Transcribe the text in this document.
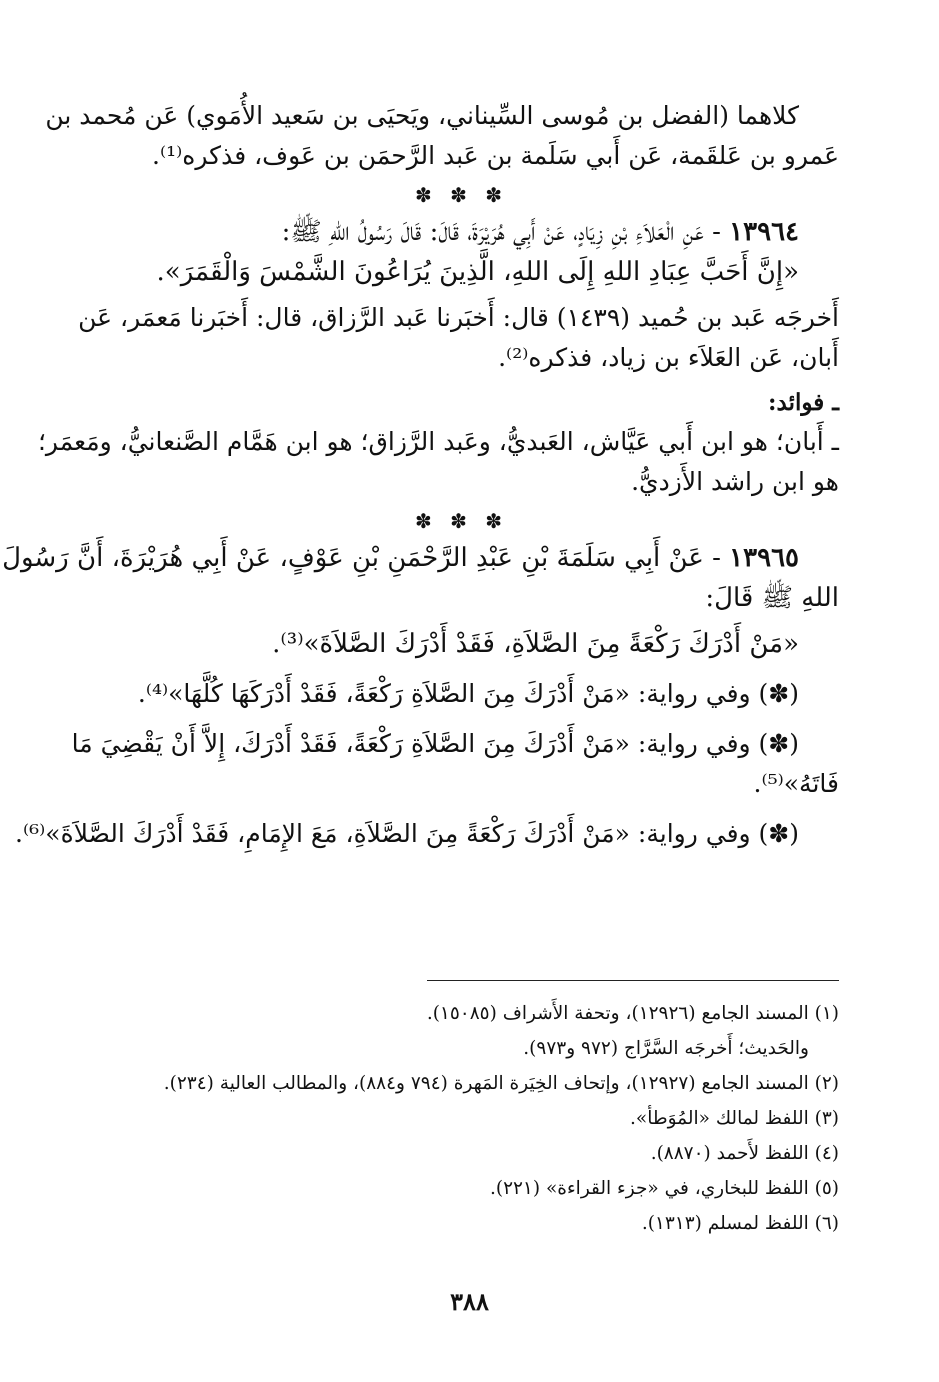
كلاهما (الفضل بن مُوسى السِّيناني، ويَحيَى بن سَعيد الأُمَوي) عَن مُحمد بن
عَمرو بن عَلقَمة، عَن أَبي سَلَمة بن عَبد الرَّحمَن بن عَوف، فذكره⁽¹⁾.
✽ ✽ ✽
١٣٩٦٤ - عَنِ الْعَلاَءِ بْنِ زِيَادٍ، عَنْ أَبِي هُرَيْرَةَ، قَالَ: قَالَ رَسُولُ اللهِ ﷺ:
«إِنَّ أَحَبَّ عِبَادِ اللهِ إِلَى اللهِ، الَّذِينَ يُرَاعُونَ الشَّمْسَ وَالْقَمَرَ».
أَخرجَه عَبد بن حُميد (١٤٣٩) قال: أَخبَرنا عَبد الرَّزاق، قال: أَخبَرنا مَعمَر، عَن
أَبان، عَن العَلاَء بن زياد، فذكره⁽²⁾.
ـ فوائد:
ـ أَبان؛ هو ابن أَبي عَيَّاش، العَبديُّ، وعَبد الرَّزاق؛ هو ابن هَمَّام الصَّنعانيُّ، ومَعمَر؛
هو ابن راشد الأَزديُّ.
✽ ✽ ✽
١٣٩٦٥ - عَنْ أَبِي سَلَمَةَ بْنِ عَبْدِ الرَّحْمَنِ بْنِ عَوْفٍ، عَنْ أَبِي هُرَيْرَةَ، أَنَّ رَسُولَ
اللهِ ﷺ قَالَ:
«مَنْ أَدْرَكَ رَكْعَةً مِنَ الصَّلاَةِ، فَقَدْ أَدْرَكَ الصَّلاَةَ»⁽³⁾.
(✽) وفي رواية: «مَنْ أَدْرَكَ مِنَ الصَّلاَةِ رَكْعَةً، فَقَدْ أَدْرَكَهَا كُلَّهَا»⁽⁴⁾.
(✽) وفي رواية: «مَنْ أَدْرَكَ مِنَ الصَّلاَةِ رَكْعَةً، فَقَدْ أَدْرَكَ، إِلاَّ أَنْ يَقْضِيَ مَا
فَاتَهُ»⁽⁵⁾.
(✽) وفي رواية: «مَنْ أَدْرَكَ رَكْعَةً مِنَ الصَّلاَةِ، مَعَ الإِمَامِ، فَقَدْ أَدْرَكَ الصَّلاَةَ»⁽⁶⁾.
(١) المسند الجامع (١٢٩٢٦)، وتحفة الأَشراف (١٥٠٨٥).
والحَديث؛ أَخرجَه السَّرَّاج (٩٧٢ و٩٧٣).
(٢) المسند الجامع (١٢٩٢٧)، وإتحاف الخِيَرة المَهرة (٧٩٤ و٨٨٤)، والمطالب العالية (٢٣٤).
(٣) اللفظ لمالك «المُوَطأ».
(٤) اللفظ لأَحمد (٨٨٧٠).
(٥) اللفظ للبخاري، في «جزء القراءة» (٢٢١).
(٦) اللفظ لمسلم (١٣١٣).
٣٨٨
